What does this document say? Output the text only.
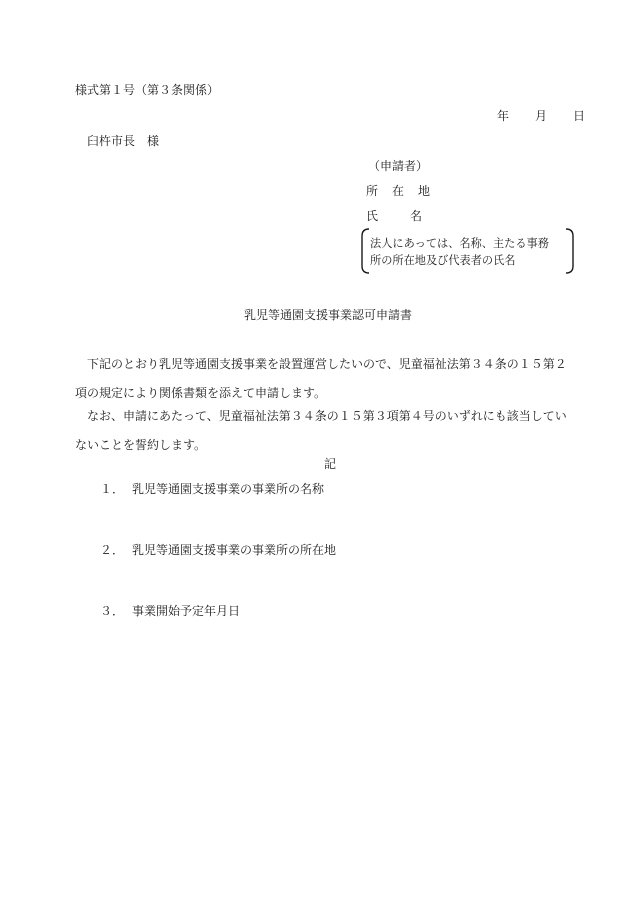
様式第１号（第３条関係）
年 月 日
臼杵市長 様
（申請者）
所 在 地
氏	名
法人にあっては、名称、主たる事務
所の所在地及び代表者の氏名
乳児等通園支援事業認可申請書
　下記のとおり乳児等通園支援事業を設置運営したいので、児童福祉法第３４条の１５第２
項の規定により関係書類を添えて申請します。
　なお、申請にあたって、児童福祉法第３４条の１５第３項第４号のいずれにも該当してい
ないことを誓約します。
記
１． 乳児等通園支援事業の事業所の名称
２． 乳児等通園支援事業の事業所の所在地
３． 事業開始予定年月日
